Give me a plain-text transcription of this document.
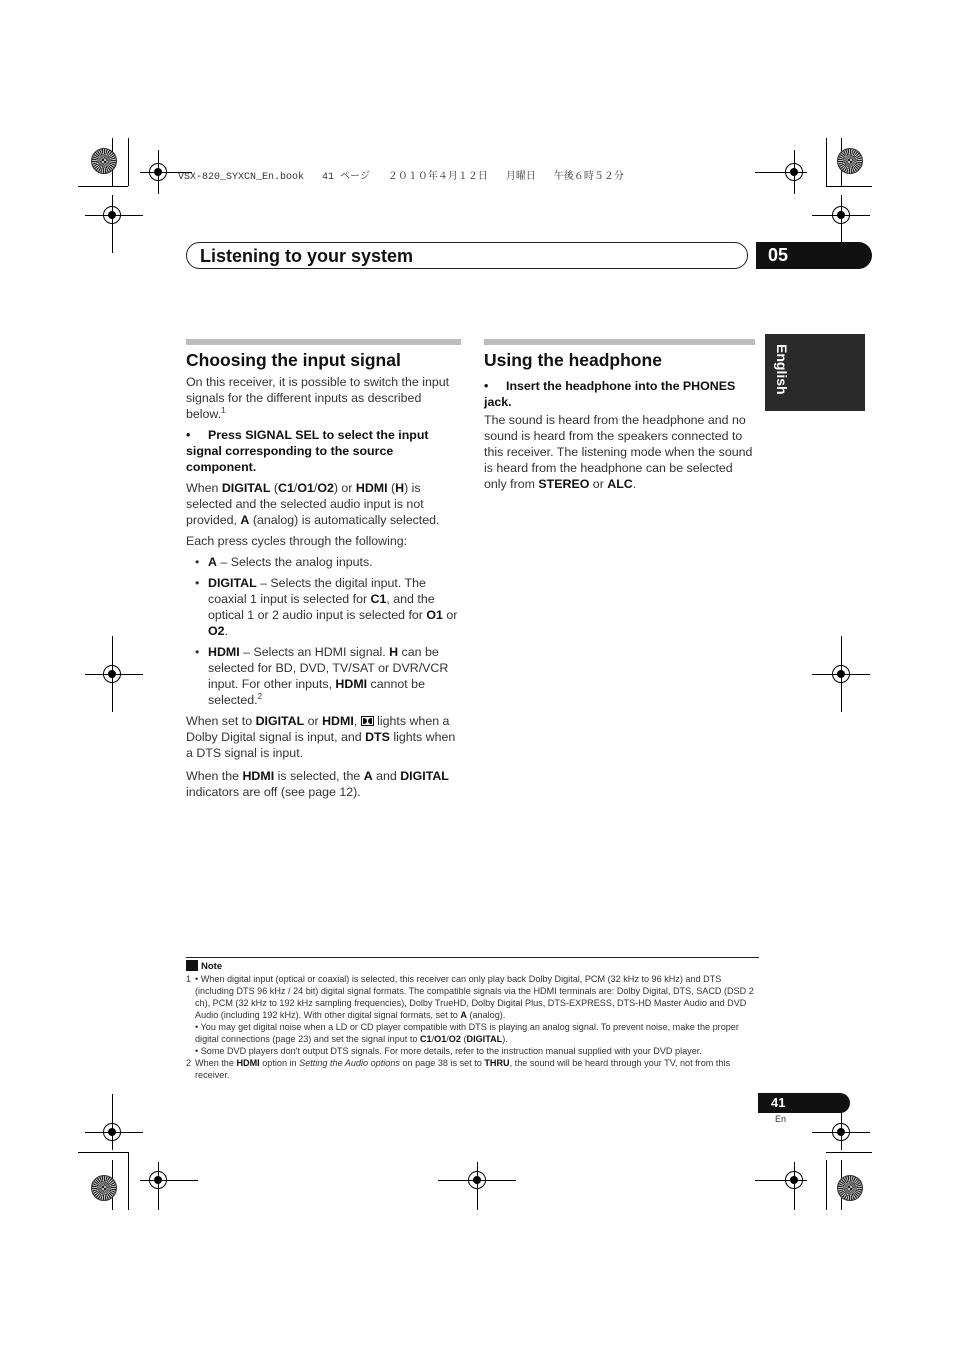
VSX-820_SYXCN_En.book   41 ページ   ２０１０年４月１２日   月曜日   午後６時５２分
Listening to your system	05
English
Choosing the input signal

On this receiver, it is possible to switch the input signals for the different inputs as described below.$^1$

• Press SIGNAL SEL to select the input signal corresponding to the source component.

When DIGITAL (C1/O1/O2) or HDMI (H) is selected and the selected audio input is not provided, A (analog) is automatically selected.

Each press cycles through the following:

• A – Selects the analog inputs.
• DIGITAL – Selects the digital input. The coaxial 1 input is selected for C1, and the optical 1 or 2 audio input is selected for O1 or O2.
• HDMI – Selects an HDMI signal. H can be selected for BD, DVD, TV/SAT or DVR/VCR input. For other inputs, HDMI cannot be selected.$^2$

When set to DIGITAL or HDMI,  lights when a Dolby Digital signal is input, and DTS lights when a DTS signal is input.

When the HDMI is selected, the A and DIGITAL indicators are off (see page 12).

Using the headphone

• Insert the headphone into the PHONES jack.

The sound is heard from the headphone and no sound is heard from the speakers connected to this receiver. The listening mode when the sound is heard from the headphone can be selected only from STEREO or ALC.

Note
1 • When digital input (optical or coaxial) is selected, this receiver can only play back Dolby Digital, PCM (32 kHz to 96 kHz) and DTS (including DTS 96 kHz / 24 bit) digital signal formats. The compatible signals via the HDMI terminals are: Dolby Digital, DTS, SACD (DSD 2 ch), PCM (32 kHz to 192 kHz sampling frequencies), Dolby TrueHD, Dolby Digital Plus, DTS-EXPRESS, DTS-HD Master Audio and DVD Audio (including 192 kHz). With other digital signal formats, set to A (analog).
• You may get digital noise when a LD or CD player compatible with DTS is playing an analog signal. To prevent noise, make the proper digital connections (page 23) and set the signal input to C1/O1/O2 (DIGITAL).
• Some DVD players don't output DTS signals. For more details, refer to the instruction manual supplied with your DVD player.
2 When the HDMI option in Setting the Audio options on page 38 is set to THRU, the sound will be heard through your TV, not from this receiver.
41
En
